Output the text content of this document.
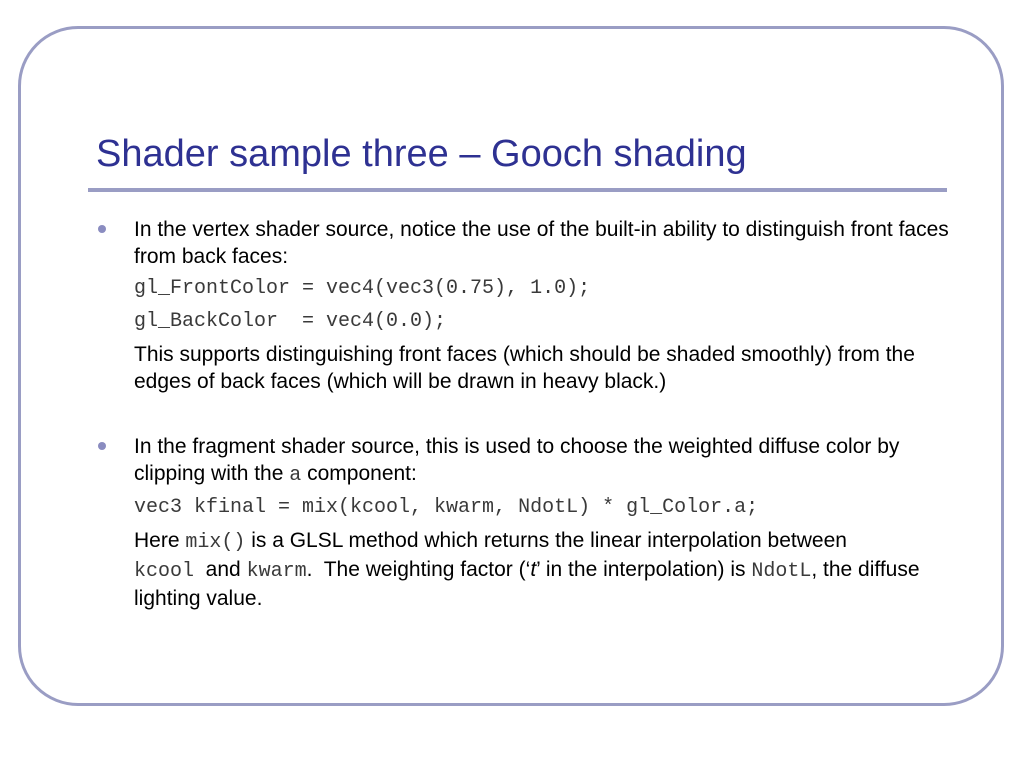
Shader sample three – Gooch shading

In the vertex shader source, notice the use of the built-in ability to distinguish front faces from back faces:

gl_FrontColor = vec4(vec3(0.75), 1.0);
gl_BackColor  = vec4(0.0);

This supports distinguishing front faces (which should be shaded smoothly) from the edges of back faces (which will be drawn in heavy black.)

In the fragment shader source, this is used to choose the weighted diffuse color by clipping with the a component:

vec3 kfinal = mix(kcool, kwarm, NdotL) * gl_Color.a;

Here mix() is a GLSL method which returns the linear interpolation between kcool  and kwarm.  The weighting factor (‘t’ in the interpolation) is NdotL, the diffuse lighting value.
